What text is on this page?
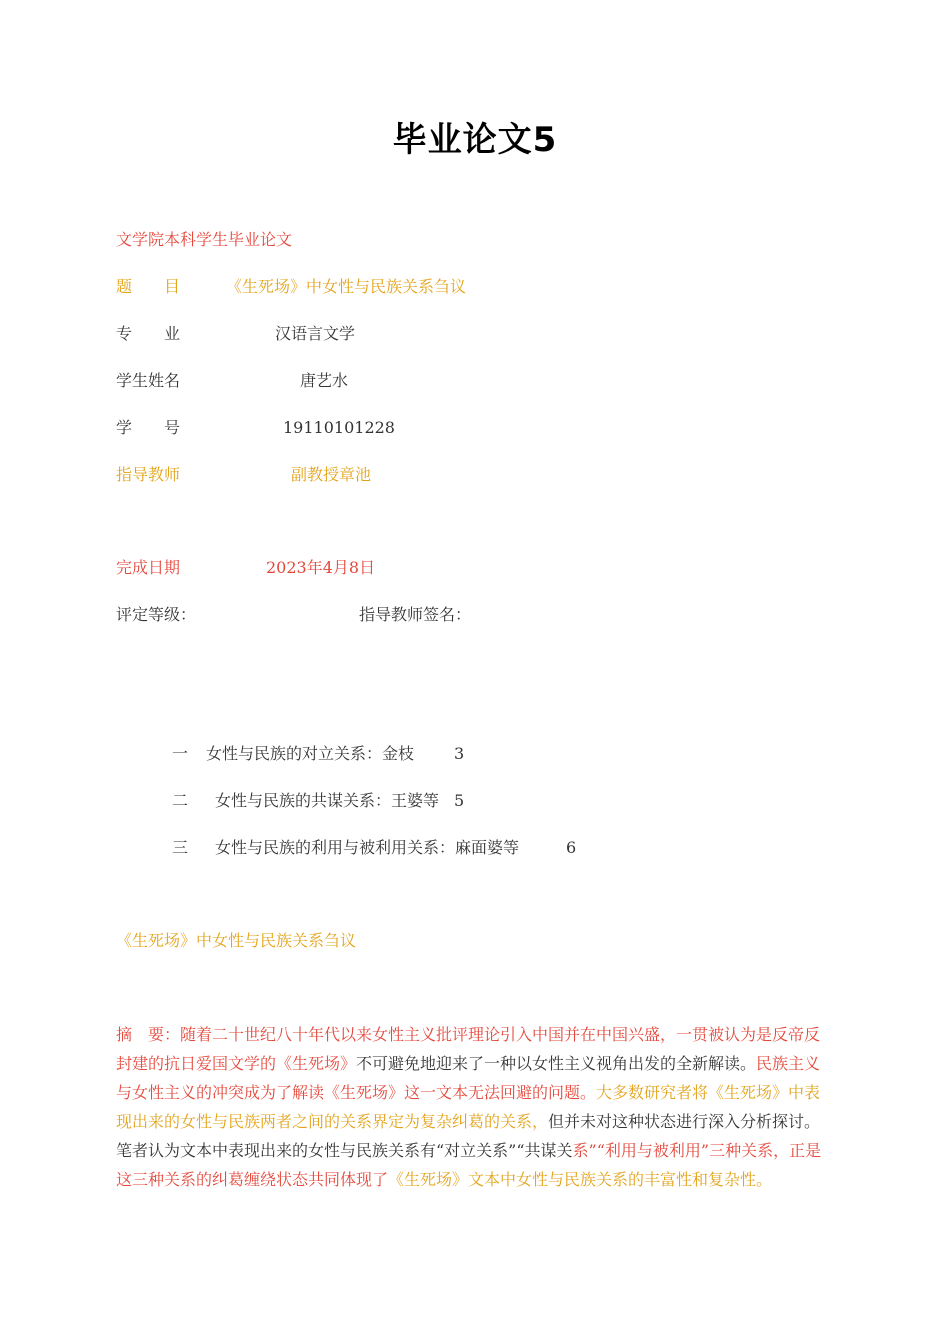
毕业论文5
文学院本科学生毕业论文
题　　目	《生死场》中女性与民族关系刍议
专　　业	汉语言文学
学生姓名	唐艺水
学　　号	19110101228
指导教师	副教授章池
完成日期	2023年4月8日
评定等级：	指导教师签名：
一 女性与民族的对立关系：金枝 3
二 女性与民族的共谋关系：王婆等 5
三 女性与民族的利用与被利用关系：麻面婆等	6
《生死场》中女性与民族关系刍议
摘　要：随着二十世纪八十年代以来女性主义批评理论引入中国并在中国兴盛，一贯被认为是反帝反封建的抗日爱国文学的《生死场》不可避免地迎来了一种以女性主义视角出发的全新解读。民族主义与女性主义的冲突成为了解读《生死场》这一文本无法回避的问题。大多数研究者将《生死场》中表现出来的女性与民族两者之间的关系界定为复杂纠葛的关系，但并未对这种状态进行深入分析探讨。笔者认为文本中表现出来的女性与民族关系有“对立关系”“共谋关系”“利用与被利用”三种关系，正是这三种关系的纠葛缠绕状态共同体现了《生死场》文本中女性与民族关系的丰富性和复杂性。
